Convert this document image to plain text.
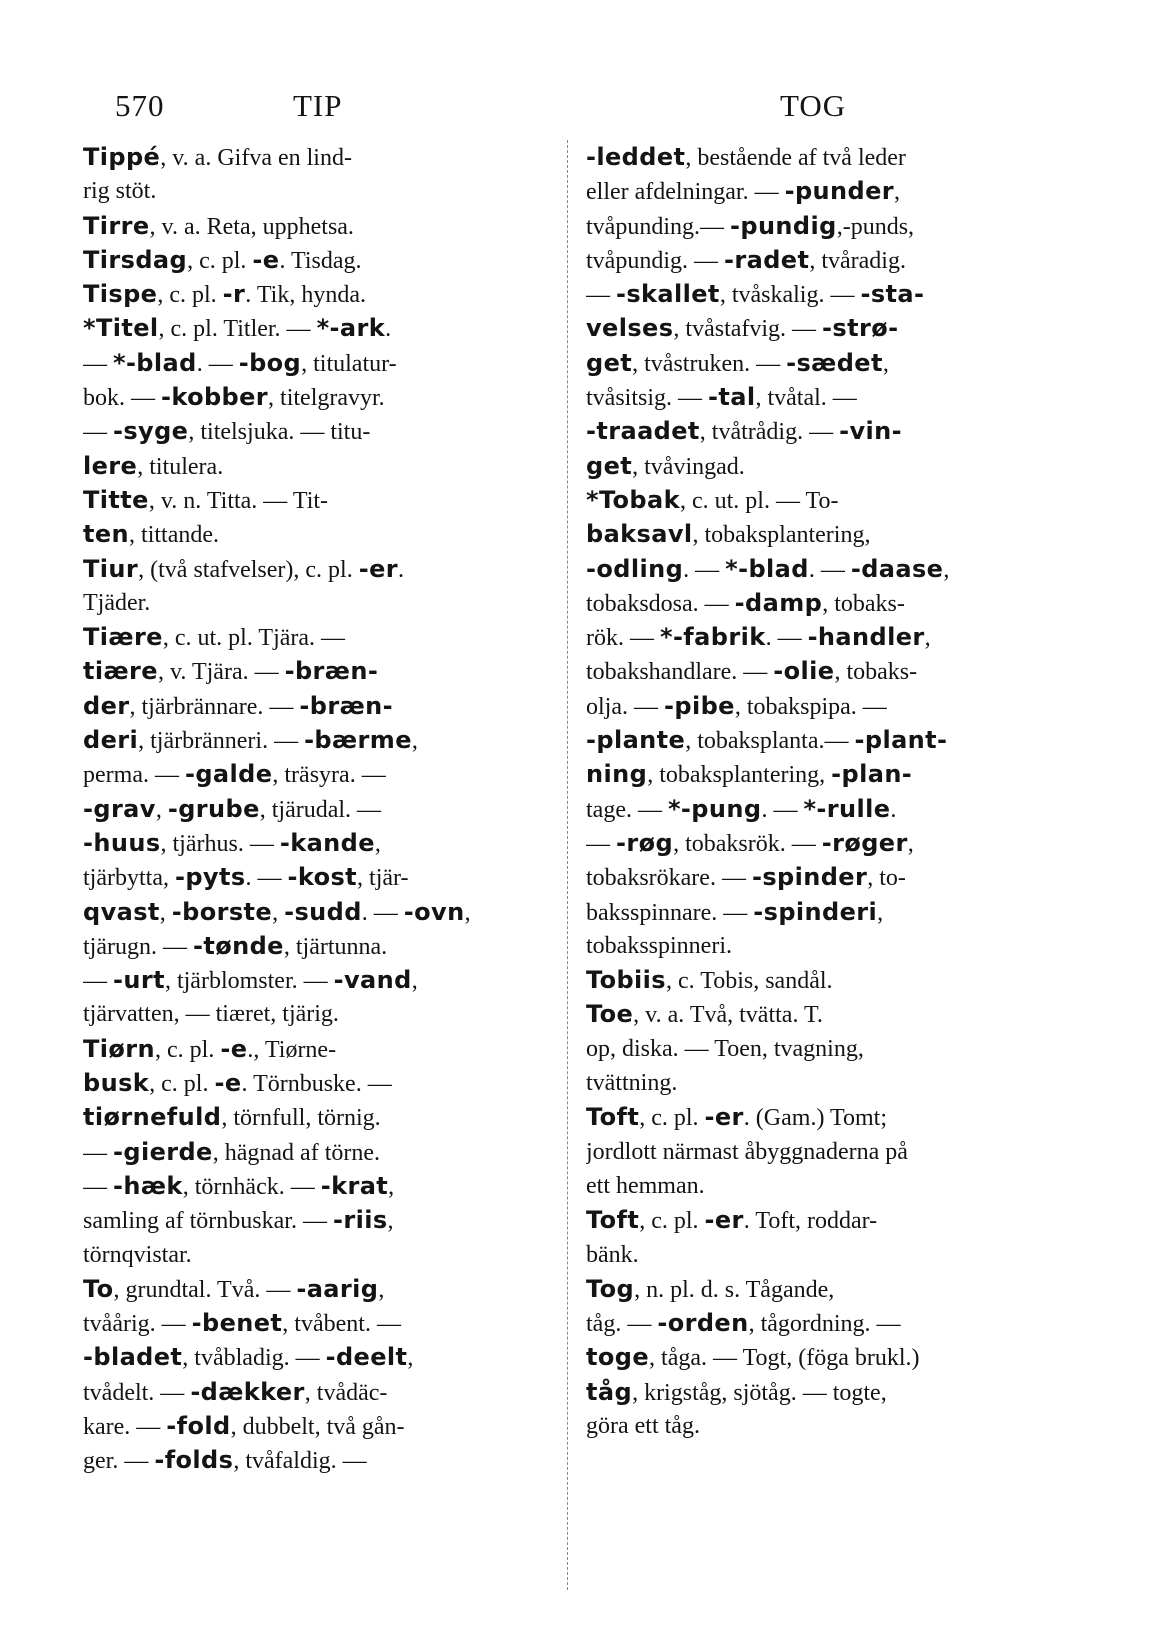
570	TIP	TOG
Tippé, v. a. Gifva en lind-
rig stöt.
Tirre, v. a. Reta, upphetsa.
Tirsdag, c. pl. -e. Tisdag.
Tispe, c. pl. -r. Tik, hynda.
*Titel, c. pl. Titler. — *-ark.
— *-blad. — -bog, titulatur-
bok. — -kobber, titelgravyr.
— -syge, titelsjuka. — titu-
lere, titulera.
Titte, v. n. Titta. — Tit-
ten, tittande.
Tiur, (två stafvelser), c. pl. -er.
Tjäder.
Tiære, c. ut. pl. Tjära. —
tiære, v. Tjära. — -bræn-
der, tjärbrännare. — -bræn-
deri, tjärbränneri. — -bærme,
perma. — -galde, träsyra. —
-grav, -grube, tjärudal. —
-huus, tjärhus. — -kande,
tjärbytta, -pyts. — -kost, tjär-
qvast, -borste, -sudd. — -ovn,
tjärugn. — -tønde, tjärtunna.
— -urt, tjärblomster. — -vand,
tjärvatten, — tiæret, tjärig.
Tiørn, c. pl. -e., Tiørne-
busk, c. pl. -e. Törnbuske. —
tiørnefuld, törnfull, törnig.
— -gierde, hägnad af törne.
— -hæk, törnhäck. — -krat,
samling af törnbuskar. — -riis,
törnqvistar.
To, grundtal. Två. — -aarig,
tvåårig. — -benet, tvåbent. —
-bladet, tvåbladig. — -deelt,
tvådelt. — -dækker, tvådäc-
kare. — -fold, dubbelt, två gån-
ger. — -folds, tvåfaldig. —
-leddet, bestående af två leder
eller afdelningar. — -punder,
tvåpunding.— -pundig,-punds,
tvåpundig. — -radet, tvåradig.
— -skallet, tvåskalig. — -sta-
velses, tvåstafvig. — -strø-
get, tvåstruken. — -sædet,
tvåsitsig. — -tal, tvåtal. —
-traadet, tvåtrådig. — -vin-
get, tvåvingad.
*Tobak, c. ut. pl. — To-
baksavl, tobaksplantering,
-odling. — *-blad. — -daase,
tobaksdosa. — -damp, tobaks-
rök. — *-fabrik. — -handler,
tobakshandlare. — -olie, tobaks-
olja. — -pibe, tobakspipa. —
-plante, tobaksplanta.— -plant-
ning, tobaksplantering, -plan-
tage. — *-pung. — *-rulle.
— -røg, tobaksrök. — -røger,
tobaksrökare. — -spinder, to-
baksspinnare. — -spinderi,
tobaksspinneri.
Tobiis, c. Tobis, sandål.
Toe, v. a. Två, tvätta. T.
op, diska. — Toen, tvagning,
tvättning.
Toft, c. pl. -er. (Gam.) Tomt;
jordlott närmast åbyggnaderna på
ett hemman.
Toft, c. pl. -er. Toft, roddar-
bänk.
Tog, n. pl. d. s. Tågande,
tåg. — -orden, tågordning. —
toge, tåga. — Togt, (föga brukl.)
tåg, krigståg, sjötåg. — togte,
göra ett tåg.
